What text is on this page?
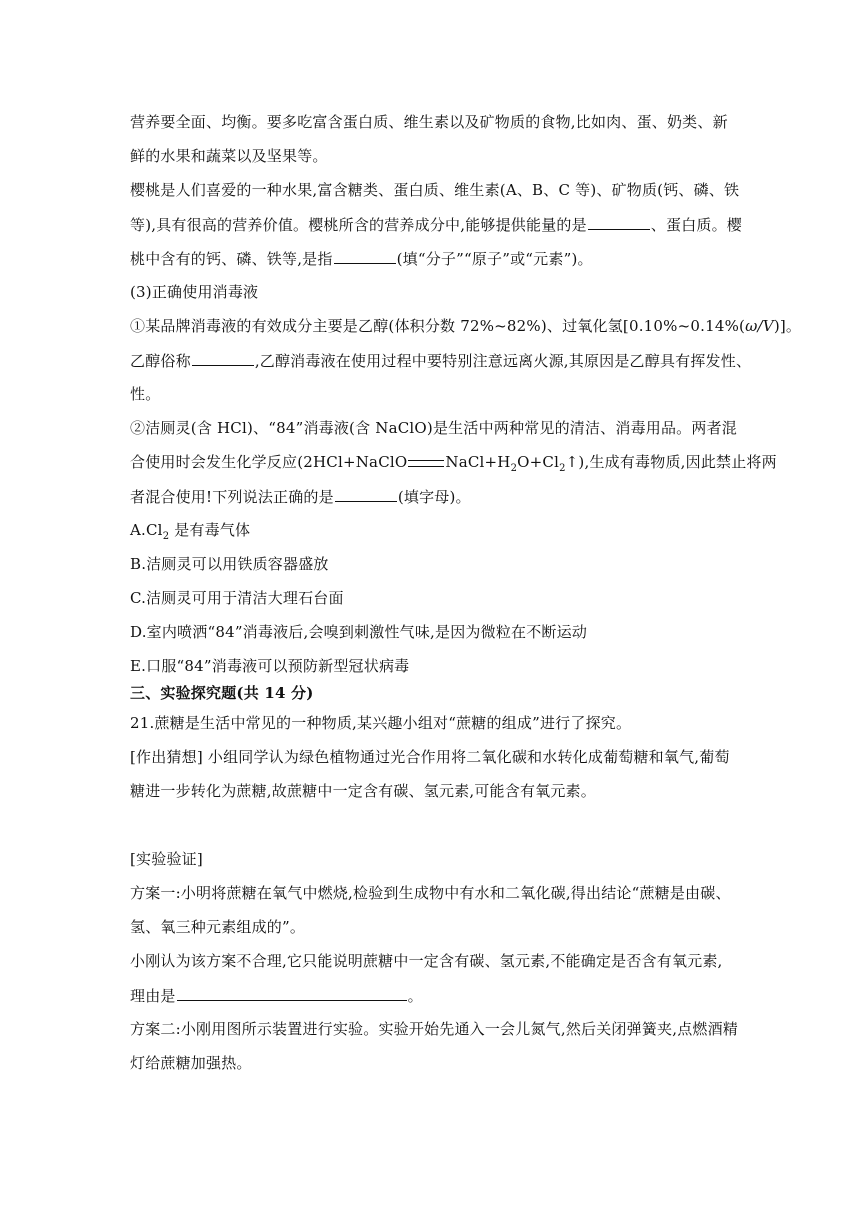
营养要全面、均衡。要多吃富含蛋白质、维生素以及矿物质的食物,比如肉、蛋、奶类、新
鲜的水果和蔬菜以及坚果等。
樱桃是人们喜爱的一种水果,富含糖类、蛋白质、维生素(A、B、C 等)、矿物质(钙、磷、铁
等),具有很高的营养价值。樱桃所含的营养成分中,能够提供能量的是	、蛋白质。樱
桃中含有的钙、磷、铁等,是指	(填“分子”“原子”或“元素”)。
(3)正确使用消毒液
①某品牌消毒液的有效成分主要是乙醇(体积分数 72%~82%)、过氧化氢[0.10%~0.14%(ω/V)]。
乙醇俗称	,乙醇消毒液在使用过程中要特别注意远离火源,其原因是乙醇具有挥发性、
性。
②洁厕灵(含 HCl)、“84”消毒液(含 NaClO)是生活中两种常见的清洁、消毒用品。两者混
合使用时会发生化学反应(2HCl+NaClO	$NaCl+H_2O+Cl_2↑$),生成有毒物质,因此禁止将两
者混合使用!下列说法正确的是	(填字母)。
$A.Cl_2$ 是有毒气体
B.洁厕灵可以用铁质容器盛放
C.洁厕灵可用于清洁大理石台面
D.室内喷洒“84”消毒液后,会嗅到刺激性气味,是因为微粒在不断运动
E.口服“84”消毒液可以预防新型冠状病毒
三、实验探究题(共 14 分)
21.蔗糖是生活中常见的一种物质,某兴趣小组对“蔗糖的组成”进行了探究。
[作出猜想] 小组同学认为绿色植物通过光合作用将二氧化碳和水转化成葡萄糖和氧气,葡萄
糖进一步转化为蔗糖,故蔗糖中一定含有碳、氢元素,可能含有氧元素。
[实验验证]
方案一:小明将蔗糖在氧气中燃烧,检验到生成物中有水和二氧化碳,得出结论“蔗糖是由碳、
氢、氧三种元素组成的”。
小刚认为该方案不合理,它只能说明蔗糖中一定含有碳、氢元素,不能确定是否含有氧元素,
理由是	。
方案二:小刚用图所示装置进行实验。实验开始先通入一会儿氮气,然后关闭弹簧夹,点燃酒精
灯给蔗糖加强热。
